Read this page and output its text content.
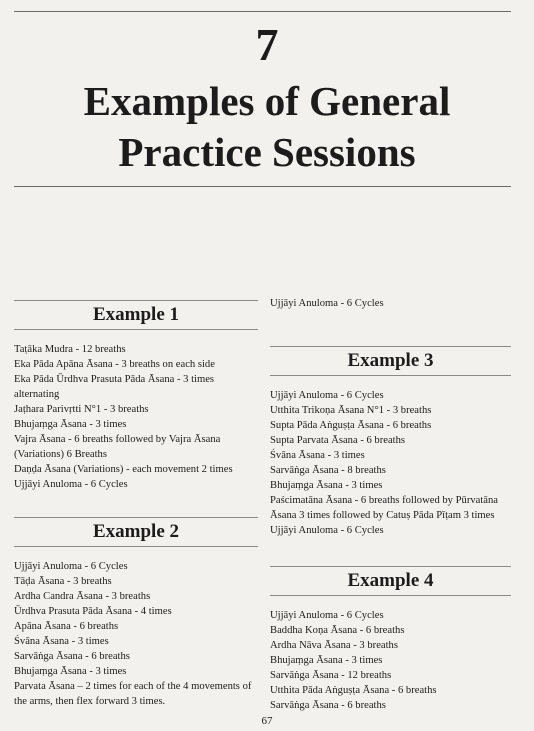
7
Examples of General
Practice Sessions
Example 1
Taṭāka Mudra - 12 breaths
Eka Pāda Apāna Āsana - 3 breaths on each side
Eka Pāda Ūrdhva Prasuta Pāda Āsana - 3 times alternating
Jaṭhara Parivṛtti N°1 - 3 breaths
Bhujaṃga Āsana - 3 times
Vajra Āsana - 6 breaths followed by Vajra Āsana (Variations) 6 Breaths
Daṇḍa Āsana (Variations) - each movement 2 times
Ujjāyi Anuloma - 6 Cycles
Example 2
Ujjāyi Anuloma - 6 Cycles
Tāḍa Āsana - 3 breaths
Ardha Candra Āsana - 3 breaths
Ūrdhva Prasuta Pāda Āsana - 4 times
Apāna Āsana - 6 breaths
Śvāna Āsana - 3 times
Sarvāṅga Āsana - 6 breaths
Bhujaṃga Āsana - 3 times
Parvata Āsana – 2 times for each of the 4 movements of the arms, then flex forward 3 times.
Ujjāyi Anuloma - 6 Cycles
Example 3
Ujjāyi Anuloma - 6 Cycles
Utthita Trikoṇa Āsana N°1 - 3 breaths
Supta Pāda Aṅguṣṭa Āsana - 6 breaths
Supta Parvata Āsana - 6 breaths
Śvāna Āsana - 3 times
Sarvāṅga Āsana - 8 breaths
Bhujaṃga Āsana - 3 times
Paścimatāna Āsana - 6 breaths followed by Pūrvatāna Āsana 3 times followed by Catuṣ Pāda Pīṭam 3 times
Ujjāyi Anuloma - 6 Cycles
Example 4
Ujjāyi Anuloma - 6 Cycles
Baddha Koṇa Āsana - 6 breaths
Ardha Nāva Āsana - 3 breaths
Bhujaṃga Āsana - 3 times
Sarvāṅga Āsana - 12 breaths
Utthita Pāda Aṅguṣṭa Āsana - 6 breaths
Sarvāṅga Āsana - 6 breaths
67
